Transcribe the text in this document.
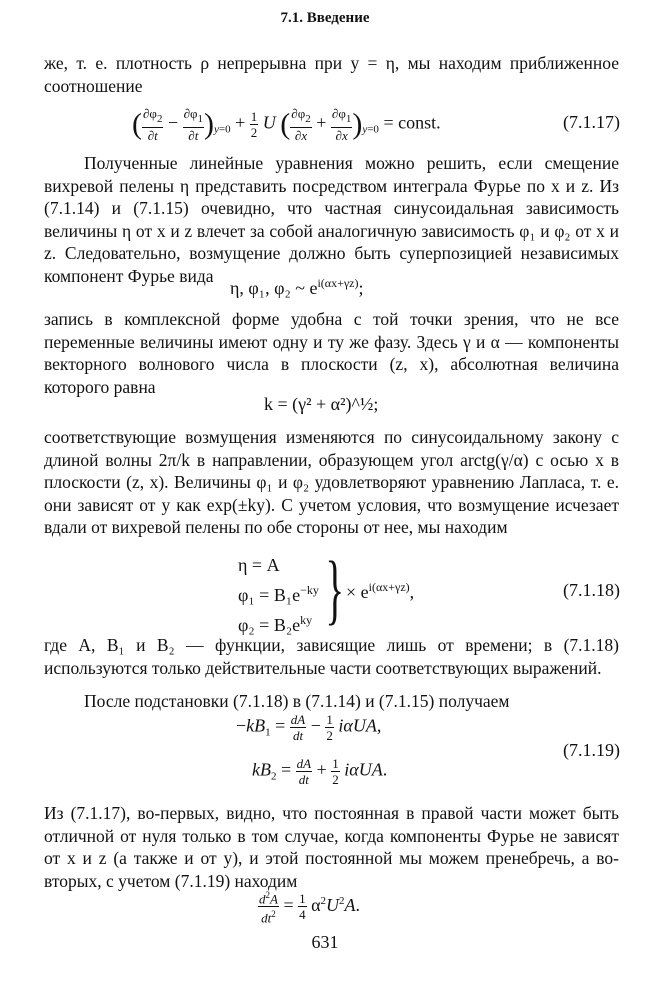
7.1. Введение

же, т. е. плотность ρ непрерывна при y = η, мы находим приближенное соотношение

( $\frac{\partial\varphi_2}{\partial t} - \frac{\partial\varphi_1}{\partial t} )_{y=0} + \frac{1}{2}$ U ( $\frac{\partial\varphi_2}{\partial x} + \frac{\partial\varphi_1}{\partial x} )_{y=0}$ = const.	(7.1.17)

Полученные линейные уравнения можно решить, если смещение вихревой пелены η представить посредством интеграла Фурье по x и z. Из (7.1.14) и (7.1.15) очевидно, что частная синусоидальная зависимость величины η от x и z влечет за собой аналогичную зависимость φ₁ и φ₂ от x и z. Следовательно, возмущение должно быть суперпозицией независимых компонент Фурье вида

η, φ₁, φ₂ ~ $e^{i(\alpha x+\gamma z)}$;

запись в комплексной форме удобна с той точки зрения, что не все переменные величины имеют одну и ту же фазу. Здесь γ и α — компоненты векторного волнового числа в плоскости (z, x), абсолютная величина которого равна

k = (γ² + α²)^½;

соответствующие возмущения изменяются по синусоидальному закону с длиной волны 2π/k в направлении, образующем угол arctg(γ/α) с осью x в плоскости (z, x). Величины φ₁ и φ₂ удовлетворяют уравнению Лапласа, т. е. они зависят от y как exp(±ky). С учетом условия, что возмущение исчезает вдали от вихревой пелены по обе стороны от нее, мы находим

η = A
$\varphi_1 = B_1e^{-ky}$
$\varphi_2 = B_2e^{ky}$ } × $e^{i(\alpha x+\gamma z)}$,	(7.1.18)

где A, B₁ и B₂ — функции, зависящие лишь от времени; в (7.1.18) используются только действительные части соответствующих выражений.

После подстановки (7.1.18) в (7.1.14) и (7.1.15) получаем

$-kB_1 = \frac{dA}{dt} - \frac{1}{2} i\alpha UA$,
$kB_2 = \frac{dA}{dt} + \frac{1}{2} i\alpha UA$.
(7.1.19)

Из (7.1.17), во-первых, видно, что постоянная в правой части может быть отличной от нуля только в том случае, когда компоненты Фурье не зависят от x и z (а также и от y), и этой постоянной мы можем пренебречь, а во-вторых, с учетом (7.1.19) находим

$\frac{d^2A}{dt^2} = \frac{1}{4} \alpha^2U^2A$.
631
